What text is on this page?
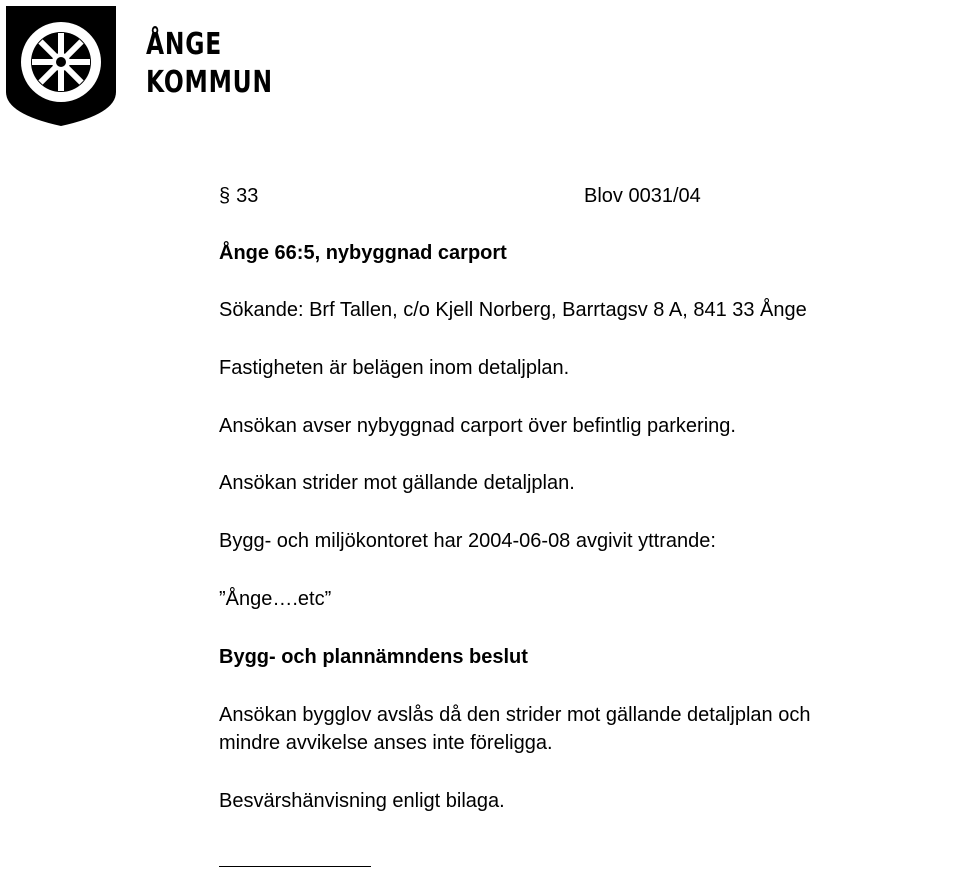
ÅNGE
KOMMUN
§ 33	Blov 0031/04
Ånge 66:5, nybyggnad carport
Sökande: Brf Tallen, c/o Kjell Norberg, Barrtagsv 8 A, 841 33 Ånge
Fastigheten är belägen inom detaljplan.
Ansökan avser nybyggnad carport över befintlig parkering.
Ansökan strider mot gällande detaljplan.
Bygg- och miljökontoret har 2004-06-08 avgivit yttrande:
”Ånge….etc”
Bygg- och plannämndens beslut
Ansökan bygglov avslås då den strider mot gällande detaljplan och
mindre avvikelse anses inte föreligga.
Besvärshänvisning enligt bilaga.
